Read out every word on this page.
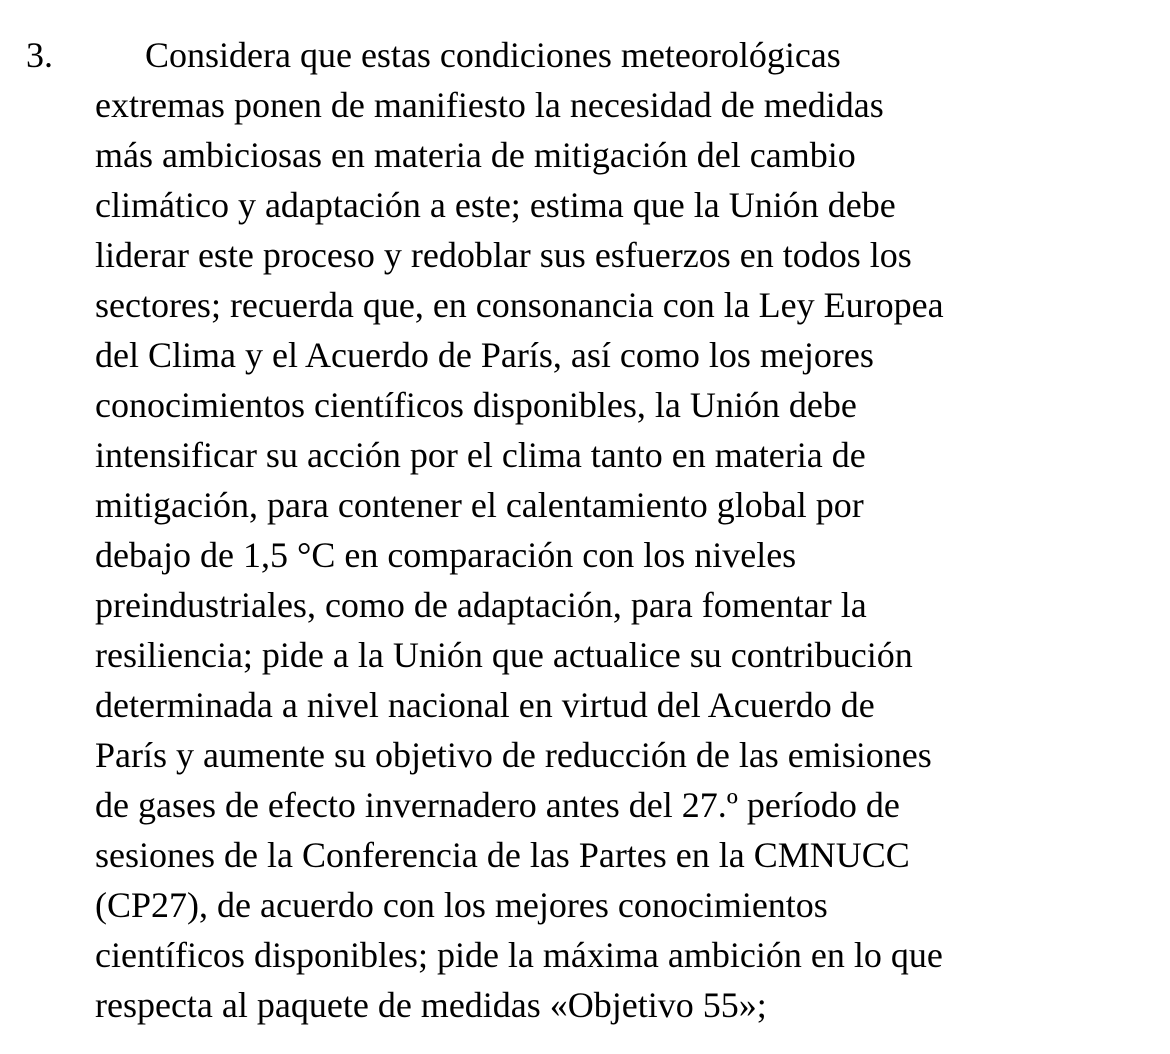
3.	Considera que estas condiciones meteorológicas
extremas ponen de manifiesto la necesidad de medidas
más ambiciosas en materia de mitigación del cambio
climático y adaptación a este; estima que la Unión debe
liderar este proceso y redoblar sus esfuerzos en todos los
sectores; recuerda que, en consonancia con la Ley Europea
del Clima y el Acuerdo de París, así como los mejores
conocimientos científicos disponibles, la Unión debe
intensificar su acción por el clima tanto en materia de
mitigación, para contener el calentamiento global por
debajo de 1,5 °C en comparación con los niveles
preindustriales, como de adaptación, para fomentar la
resiliencia; pide a la Unión que actualice su contribución
determinada a nivel nacional en virtud del Acuerdo de
París y aumente su objetivo de reducción de las emisiones
de gases de efecto invernadero antes del 27.º período de
sesiones de la Conferencia de las Partes en la CMNUCC
(CP27), de acuerdo con los mejores conocimientos
científicos disponibles; pide la máxima ambición en lo que
respecta al paquete de medidas «Objetivo 55»;
